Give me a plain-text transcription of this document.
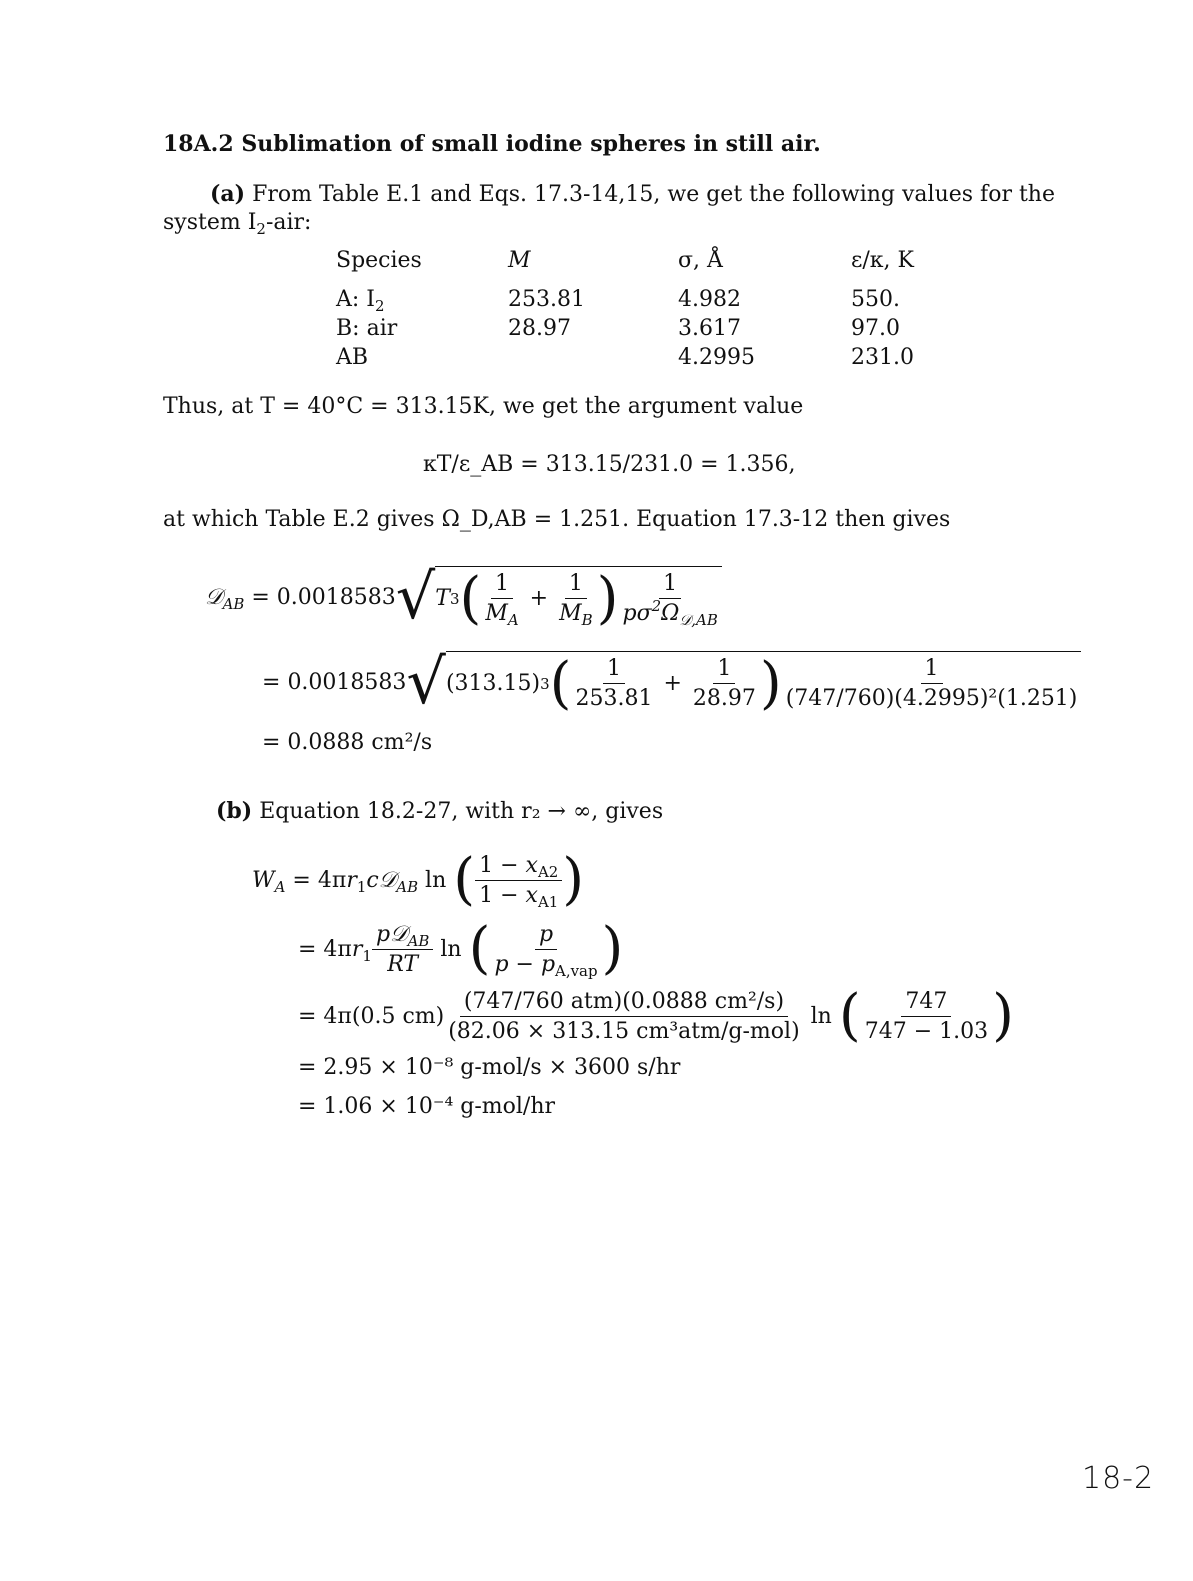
18A.2 Sublimation of small iodine spheres in still air.
(a) From Table E.1 and Eqs. 17.3-14,15, we get the following values for the
system $I_2$-air:
Species	M	σ, Å	ε/κ, K

A: $I_2$	253.81	4.982	550.
B: air	28.97	3.617	97.0
AB		4.2995	231.0
Thus, at T = 40°C = 313.15K, we get the argument value
κT/ε_AB = 313.15/231.0 = 1.356,
at which Table E.2 gives Ω_D,AB = 1.251. Equation 17.3-12 then gives
𝒟$_{AB}$ = 0.0018583 √ T 3 ( $\frac{1}{M_A} + \frac{1}{M_B}$ ) $\frac{1}{p\sigma^2\Omega_{𝒟,AB}}$
= 0.0018583 √ (313.15) 3 ( $\frac{1}{253.81} + \frac{1}{28.97}$ ) $\frac{1}{\text{(747/760)(4.2995)²(1.251)}}$
= 0.0888 cm²/s
(b) Equation 18.2-27, with r₂ → ∞, gives
$W_A$ = $4\pi r_1c𝒟_{AB}$ ln ( $\frac{1 - x_{A2}}{1 - x_{A1}}$ )
= $4\pi r_1 \frac{p𝒟_{AB}}{RT}$ ln ( $\frac{p}{p - p_{A,vap}}$ )
= 4π(0.5 $cm) \frac{\text{(747/760 atm)(0.0888 cm²/s)}}{\text{(82.06 × 313.15 cm³atm/g-mol)}}$ ln ( $\frac{747}{747 - 1.03}$ )
= 2.95 × 10⁻⁸ g-mol/s × 3600 s/hr
= 1.06 × 10⁻⁴ g-mol/hr
18-2
